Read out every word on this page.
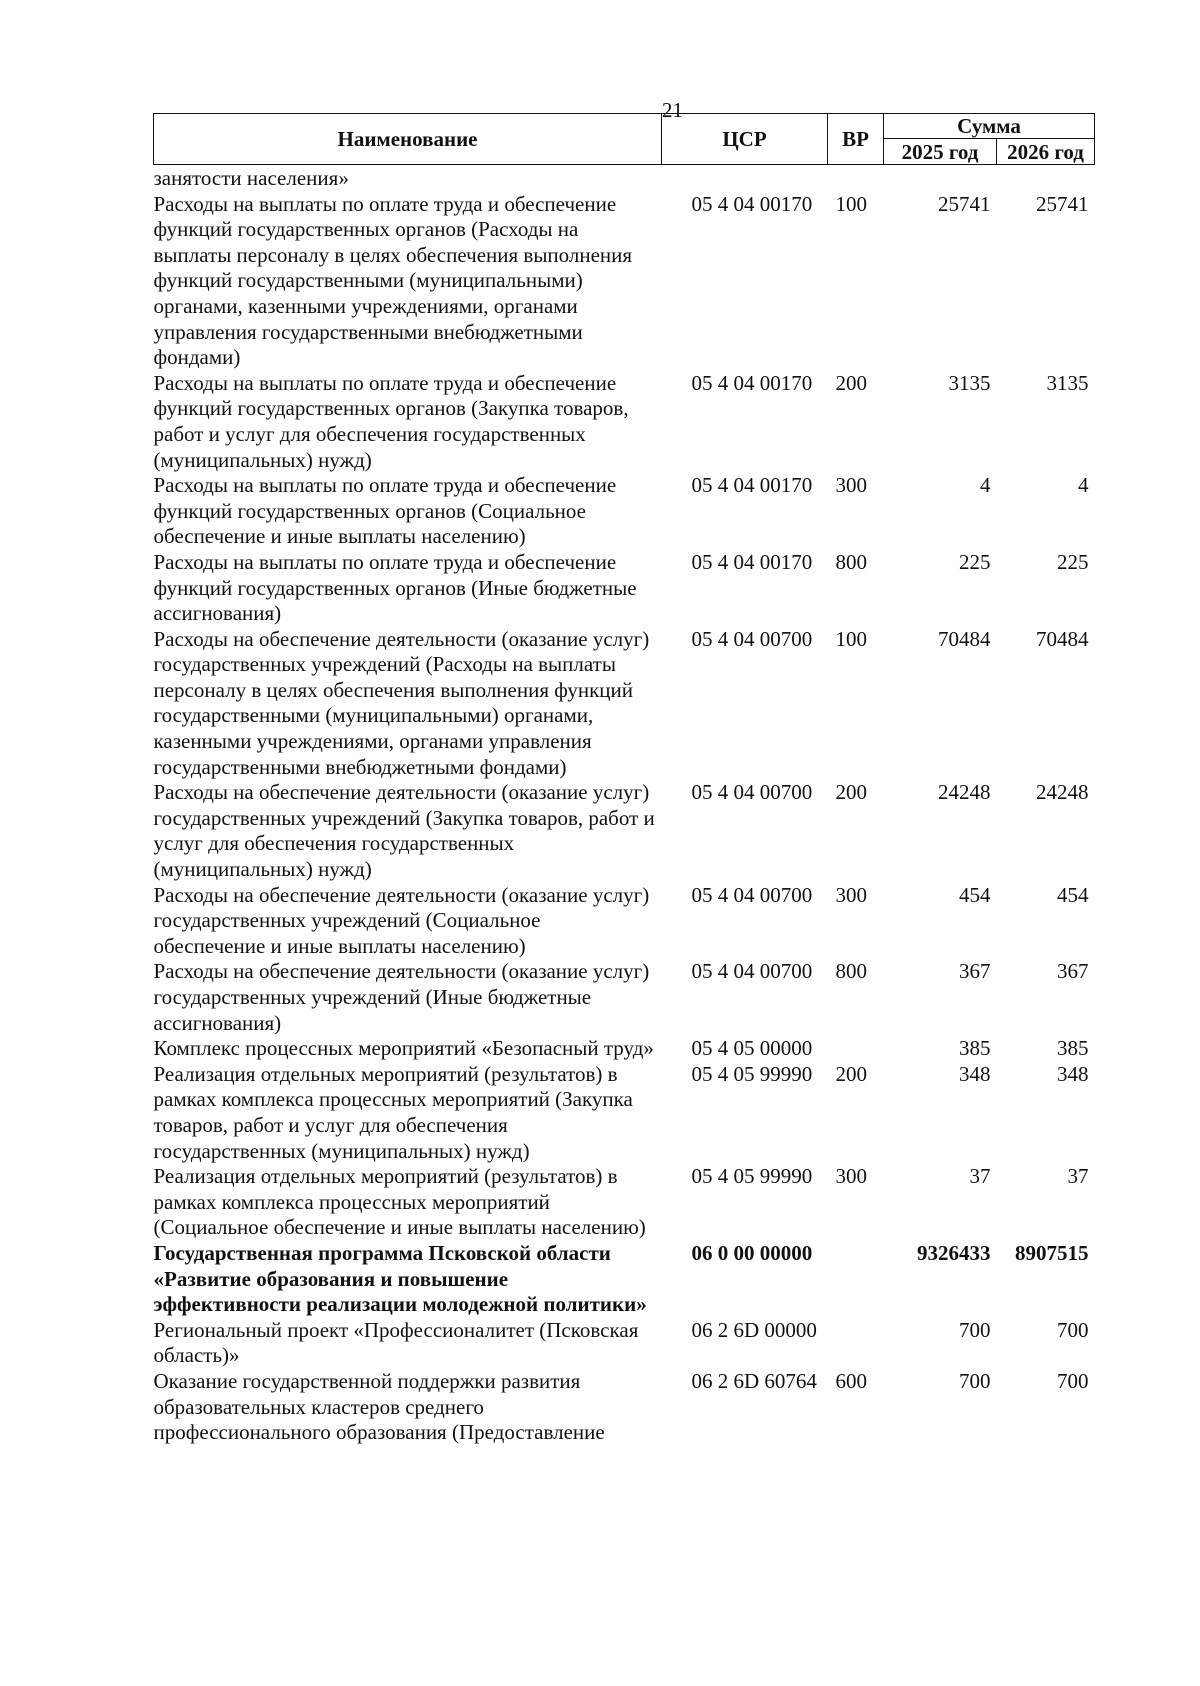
21
Наименование	ЦСР	ВР	Сумма	
			2025 год	2026 год
занятости населения»				
Расходы на выплаты по оплате труда и обеспечение функций государственных органов (Расходы на выплаты персоналу в целях обеспечения выполнения функций государственными (муниципальными) органами, казенными учреждениями, органами управления государственными внебюджетными фондами)	05 4 04 00170	100	25741	25741
Расходы на выплаты по оплате труда и обеспечение функций государственных органов (Закупка товаров, работ и услуг для обеспечения государственных (муниципальных) нужд)	05 4 04 00170	200	3135	3135
Расходы на выплаты по оплате труда и обеспечение функций государственных органов (Социальное обеспечение и иные выплаты населению)	05 4 04 00170	300	4	4
Расходы на выплаты по оплате труда и обеспечение функций государственных органов (Иные бюджетные ассигнования)	05 4 04 00170	800	225	225
Расходы на обеспечение деятельности (оказание услуг) государственных учреждений (Расходы на выплаты персоналу в целях обеспечения выполнения функций государственными (муниципальными) органами, казенными учреждениями, органами управления государственными внебюджетными фондами)	05 4 04 00700	100	70484	70484
Расходы на обеспечение деятельности (оказание услуг) государственных учреждений (Закупка товаров, работ и услуг для обеспечения государственных (муниципальных) нужд)	05 4 04 00700	200	24248	24248
Расходы на обеспечение деятельности (оказание услуг) государственных учреждений (Социальное обеспечение и иные выплаты населению)	05 4 04 00700	300	454	454
Расходы на обеспечение деятельности (оказание услуг) государственных учреждений (Иные бюджетные ассигнования)	05 4 04 00700	800	367	367
Комплекс процессных мероприятий «Безопасный труд»	05 4 05 00000		385	385
Реализация отдельных мероприятий (результатов) в рамках комплекса процессных мероприятий (Закупка товаров, работ и услуг для обеспечения государственных (муниципальных) нужд)	05 4 05 99990	200	348	348
Реализация отдельных мероприятий (результатов) в рамках комплекса процессных мероприятий (Социальное обеспечение и иные выплаты населению)	05 4 05 99990	300	37	37
Государственная программа Псковской области «Развитие образования и повышение эффективности реализации молодежной политики»	06 0 00 00000		9326433	8907515
Региональный проект «Профессионалитет (Псковская область)»	06 2 6D 00000		700	700
Оказание государственной поддержки развития образовательных кластеров среднего профессионального образования (Предоставление	06 2 6D 60764	600	700	700
